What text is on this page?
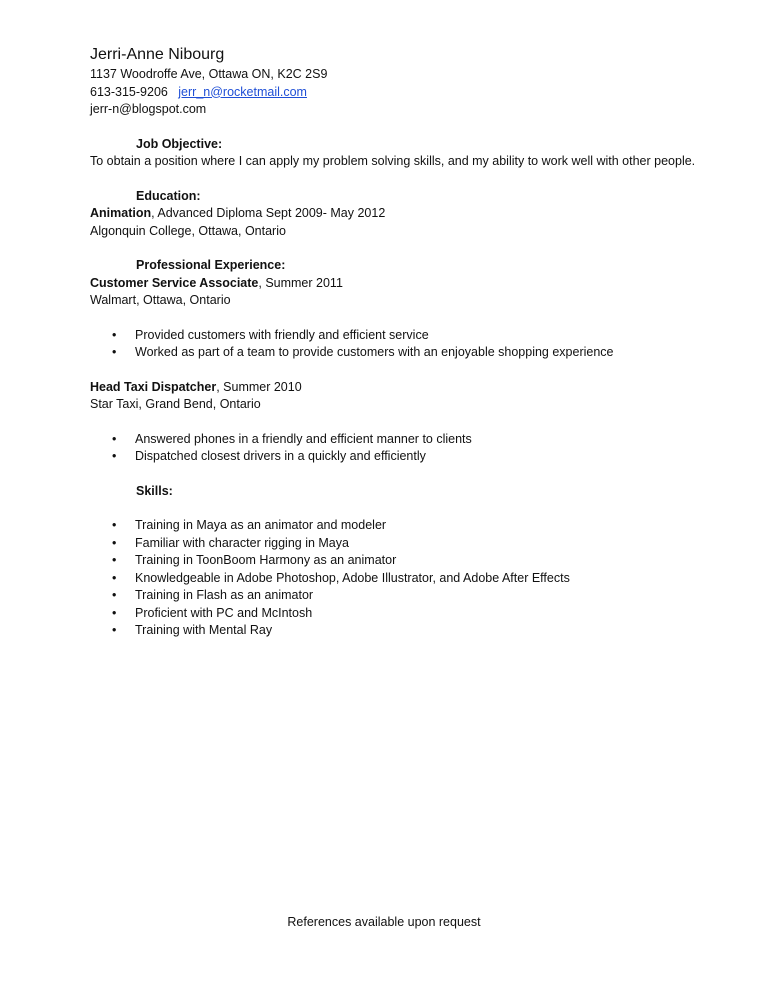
Jerri-Anne Nibourg
1137 Woodroffe Ave, Ottawa ON, K2C 2S9
613-315-9206 jerr_n@rocketmail.com
jerr-n@blogspot.com
Job Objective:
To obtain a position where I can apply my problem solving skills, and my ability to work well with other people.
Education:
Animation, Advanced Diploma Sept 2009- May 2012
Algonquin College, Ottawa, Ontario
Professional Experience:
Customer Service Associate, Summer 2011
Walmart, Ottawa, Ontario
• Provided customers with friendly and efficient service
• Worked as part of a team to provide customers with an enjoyable shopping experience
Head Taxi Dispatcher, Summer 2010
Star Taxi, Grand Bend, Ontario
• Answered phones in a friendly and efficient manner to clients
• Dispatched closest drivers in a quickly and efficiently
Skills:
• Training in Maya as an animator and modeler
• Familiar with character rigging in Maya
• Training in ToonBoom Harmony as an animator
• Knowledgeable in Adobe Photoshop, Adobe Illustrator, and Adobe After Effects
• Training in Flash as an animator
• Proficient with PC and McIntosh
• Training with Mental Ray
References available upon request
